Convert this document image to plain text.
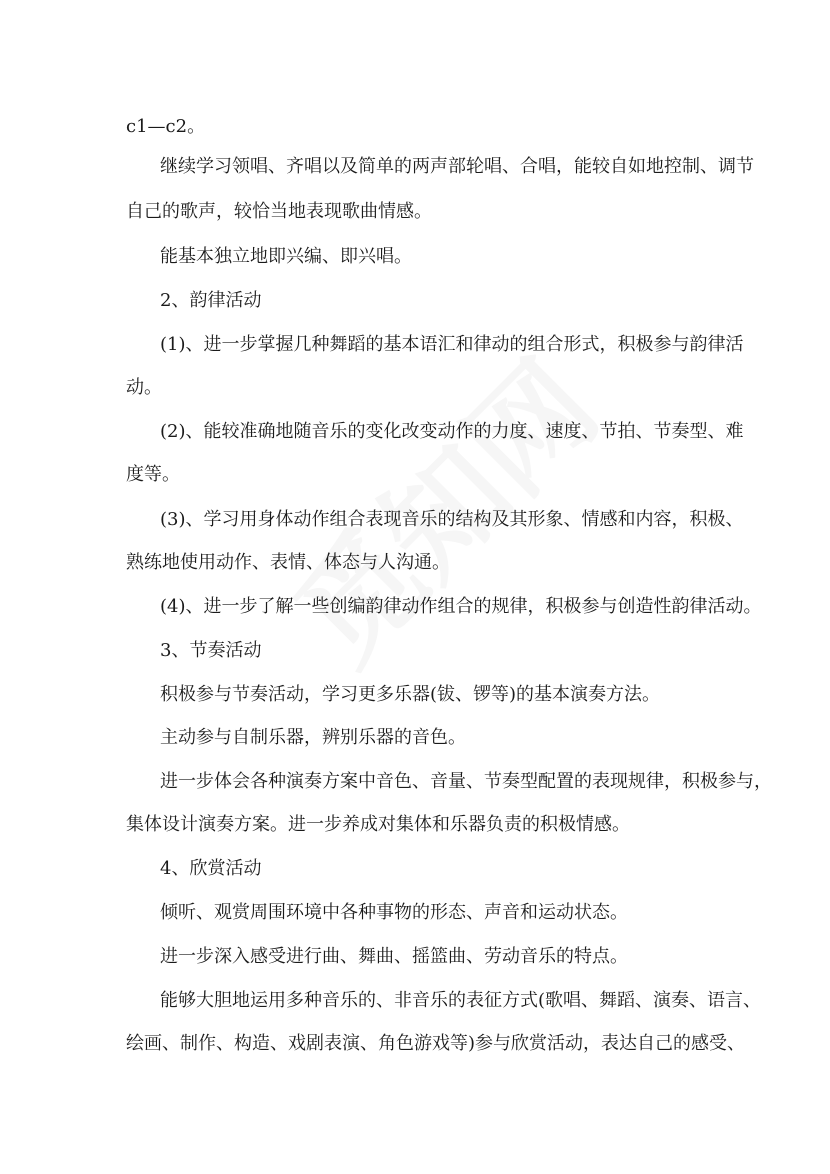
c1—c2。
继续学习领唱、齐唱以及简单的两声部轮唱、合唱，能较自如地控制、调节
自己的歌声，较恰当地表现歌曲情感。
能基本独立地即兴编、即兴唱。
2、韵律活动
(1)、进一步掌握几种舞蹈的基本语汇和律动的组合形式，积极参与韵律活
动。
(2)、能较准确地随音乐的变化改变动作的力度、速度、节拍、节奏型、难
度等。
(3)、学习用身体动作组合表现音乐的结构及其形象、情感和内容，积极、
熟练地使用动作、表情、体态与人沟通。
(4)、进一步了解一些创编韵律动作组合的规律，积极参与创造性韵律活动。
3、节奏活动
积极参与节奏活动，学习更多乐器(钹、锣等)的基本演奏方法。
主动参与自制乐器，辨别乐器的音色。
进一步体会各种演奏方案中音色、音量、节奏型配置的表现规律，积极参与，
集体设计演奏方案。进一步养成对集体和乐器负责的积极情感。
4、欣赏活动
倾听、观赏周围环境中各种事物的形态、声音和运动状态。
进一步深入感受进行曲、舞曲、摇篮曲、劳动音乐的特点。
能够大胆地运用多种音乐的、非音乐的表征方式(歌唱、舞蹈、演奏、语言、
绘画、制作、构造、戏剧表演、角色游戏等)参与欣赏活动，表达自己的感受、
